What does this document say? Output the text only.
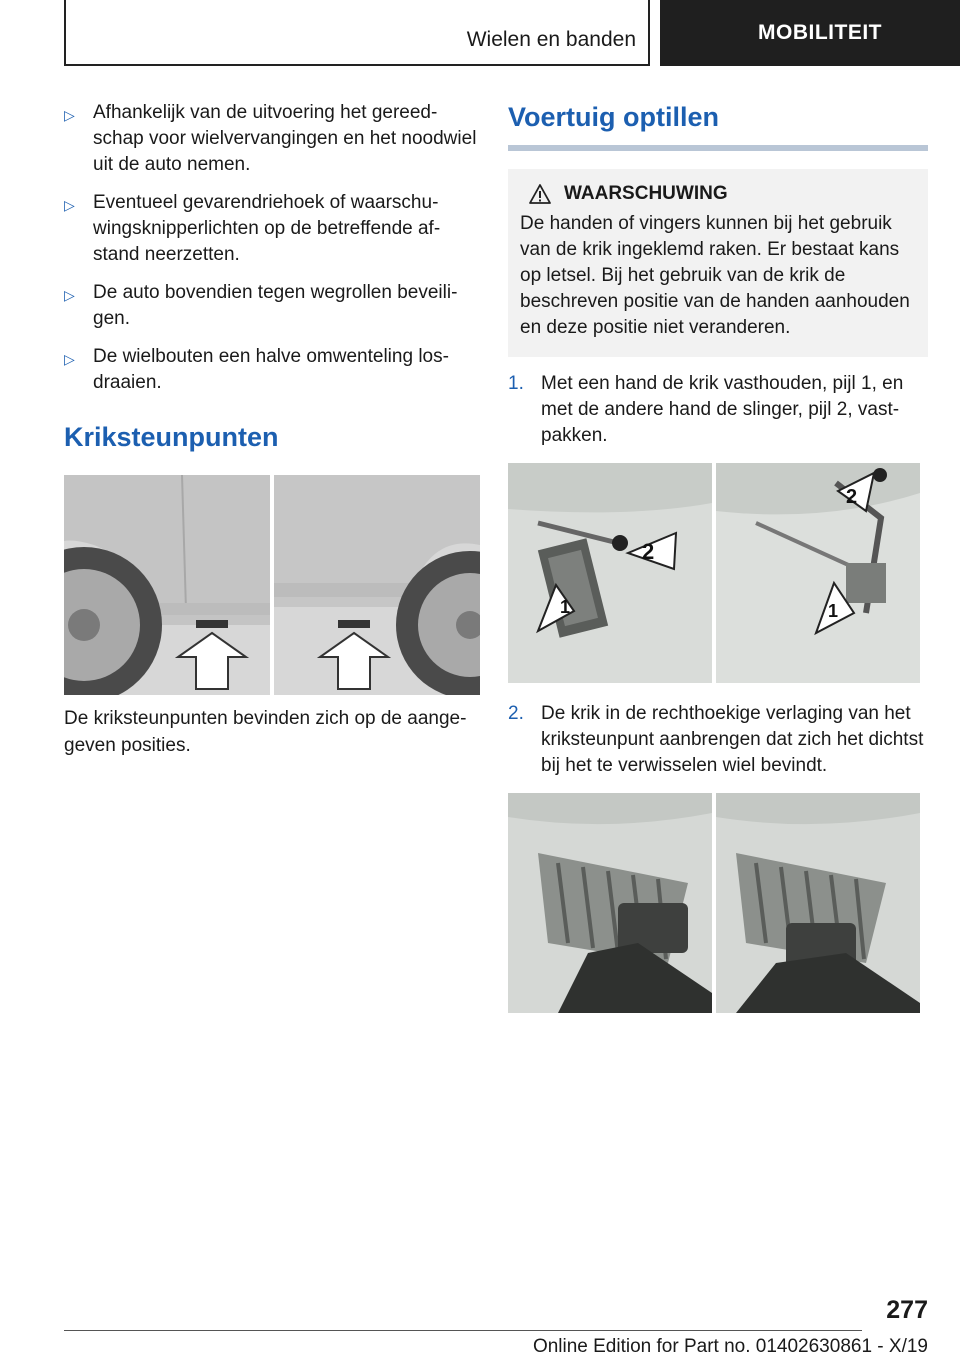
Wielen en banden	MOBILITEIT
▷ Afhankelijk van de uitvoering het gereedschap voor wielvervangingen en het noodwiel uit de auto nemen.
▷ Eventueel gevarendriehoek of waarschuwingsknipperlichten op de betreffende afstand neerzetten.
▷ De auto bovendien tegen wegrollen beveiligen.
▷ De wielbouten een halve omwenteling losdraaien.
Kriksteunpunten
De kriksteunpunten bevinden zich op de aangegeven posities.
Voertuig optillen
WAARSCHUWING
De handen of vingers kunnen bij het gebruik van de krik ingeklemd raken. Er bestaat kans op letsel. Bij het gebruik van de krik de beschreven positie van de handen aanhouden en deze positie niet veranderen.
1. Met een hand de krik vasthouden, pijl 1, en met de andere hand de slinger, pijl 2, vastpakken.
1
2
2
1
2. De krik in de rechthoekige verlaging van het kriksteunpunt aanbrengen dat zich het dichtst bij het te verwisselen wiel bevindt.
277
Online Edition for Part no. 01402630861 - X/19
